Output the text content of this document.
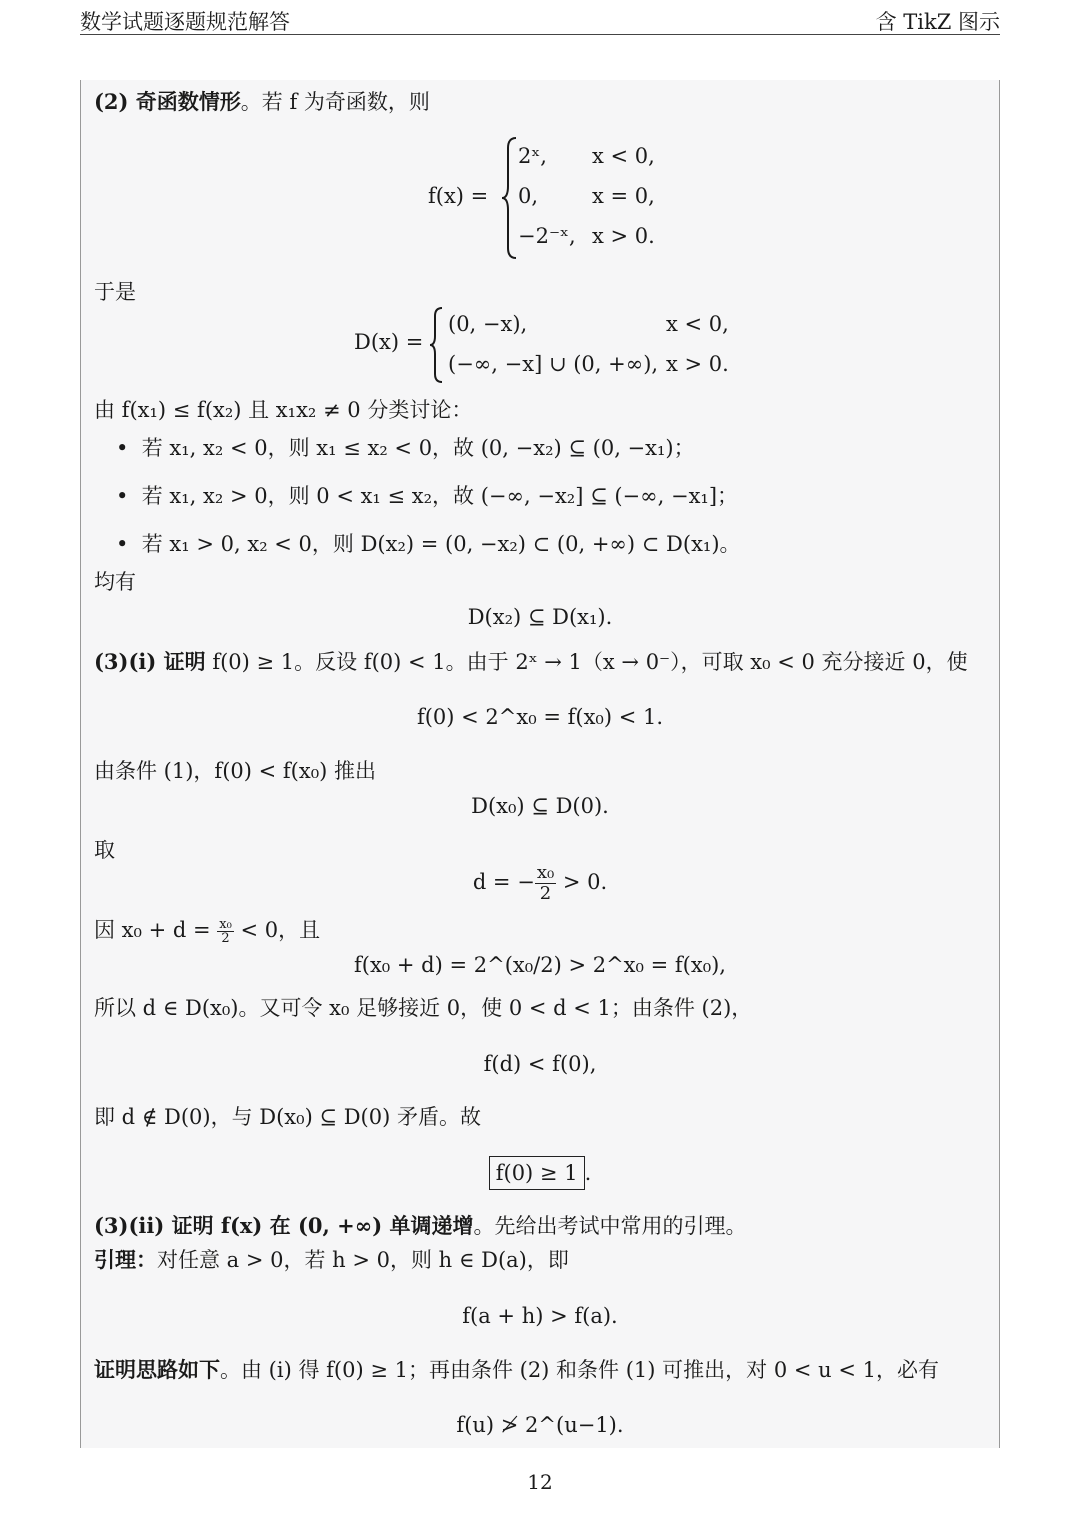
数学试题逐题规范解答	含 TikZ 图示
(2) 奇函数情形。若 f 为奇函数，则
f(x) =
2ˣ, x < 0,
0,	x = 0,
−2⁻ˣ, x > 0.
于是
D(x) =
(0, −x),	x < 0,
(−∞, −x] ∪ (0, +∞), x > 0.
由 f(x₁) ≤ f(x₂) 且 x₁x₂ ≠ 0 分类讨论：
•  若 x₁, x₂ < 0，则 x₁ ≤ x₂ < 0，故 (0, −x₂) ⊆ (0, −x₁)；
•  若 x₁, x₂ > 0，则 0 < x₁ ≤ x₂，故 (−∞, −x₂] ⊆ (−∞, −x₁]；
•  若 x₁ > 0, x₂ < 0，则 D(x₂) = (0, −x₂) ⊂ (0, +∞) ⊂ D(x₁)。
均有
D(x₂) ⊆ D(x₁).
(3)(i) 证明 f(0) ≥ 1。反设 f(0) < 1。由于 2ˣ → 1（x → 0⁻），可取 x₀ < 0 充分接近 0，使
f(0) < 2^x₀ = f(x₀) < 1.
由条件 (1)，f(0) < f(x₀) 推出
D(x₀) ⊆ D(0).
取
d = − $\frac{\text{x₀}}{2} > 0$.
因 $x_0 + d = \frac{\text{x₀}}{2} < 0$，且
f(x₀ + d) = 2^(x₀/2) > 2^x₀ = f(x₀),
所以 d ∈ D(x₀)。又可令 x₀ 足够接近 0，使 0 < d < 1；由条件 (2)，
f(d) < f(0),
即 d ∉ D(0)，与 D(x₀) ⊆ D(0) 矛盾。故
f(0) ≥ 1 .
(3)(ii) 证明 f(x) 在 (0, +∞) 单调递增。先给出考试中常用的引理。
引理：对任意 a > 0，若 h > 0，则 h ∈ D(a)，即
f(a + h) > f(a).
证明思路如下。由 (i) 得 f(0) ≥ 1；再由条件 (2) 和条件 (1) 可推出，对 0 < u < 1，必有
f(u) ≯ 2^(u−1).
12
